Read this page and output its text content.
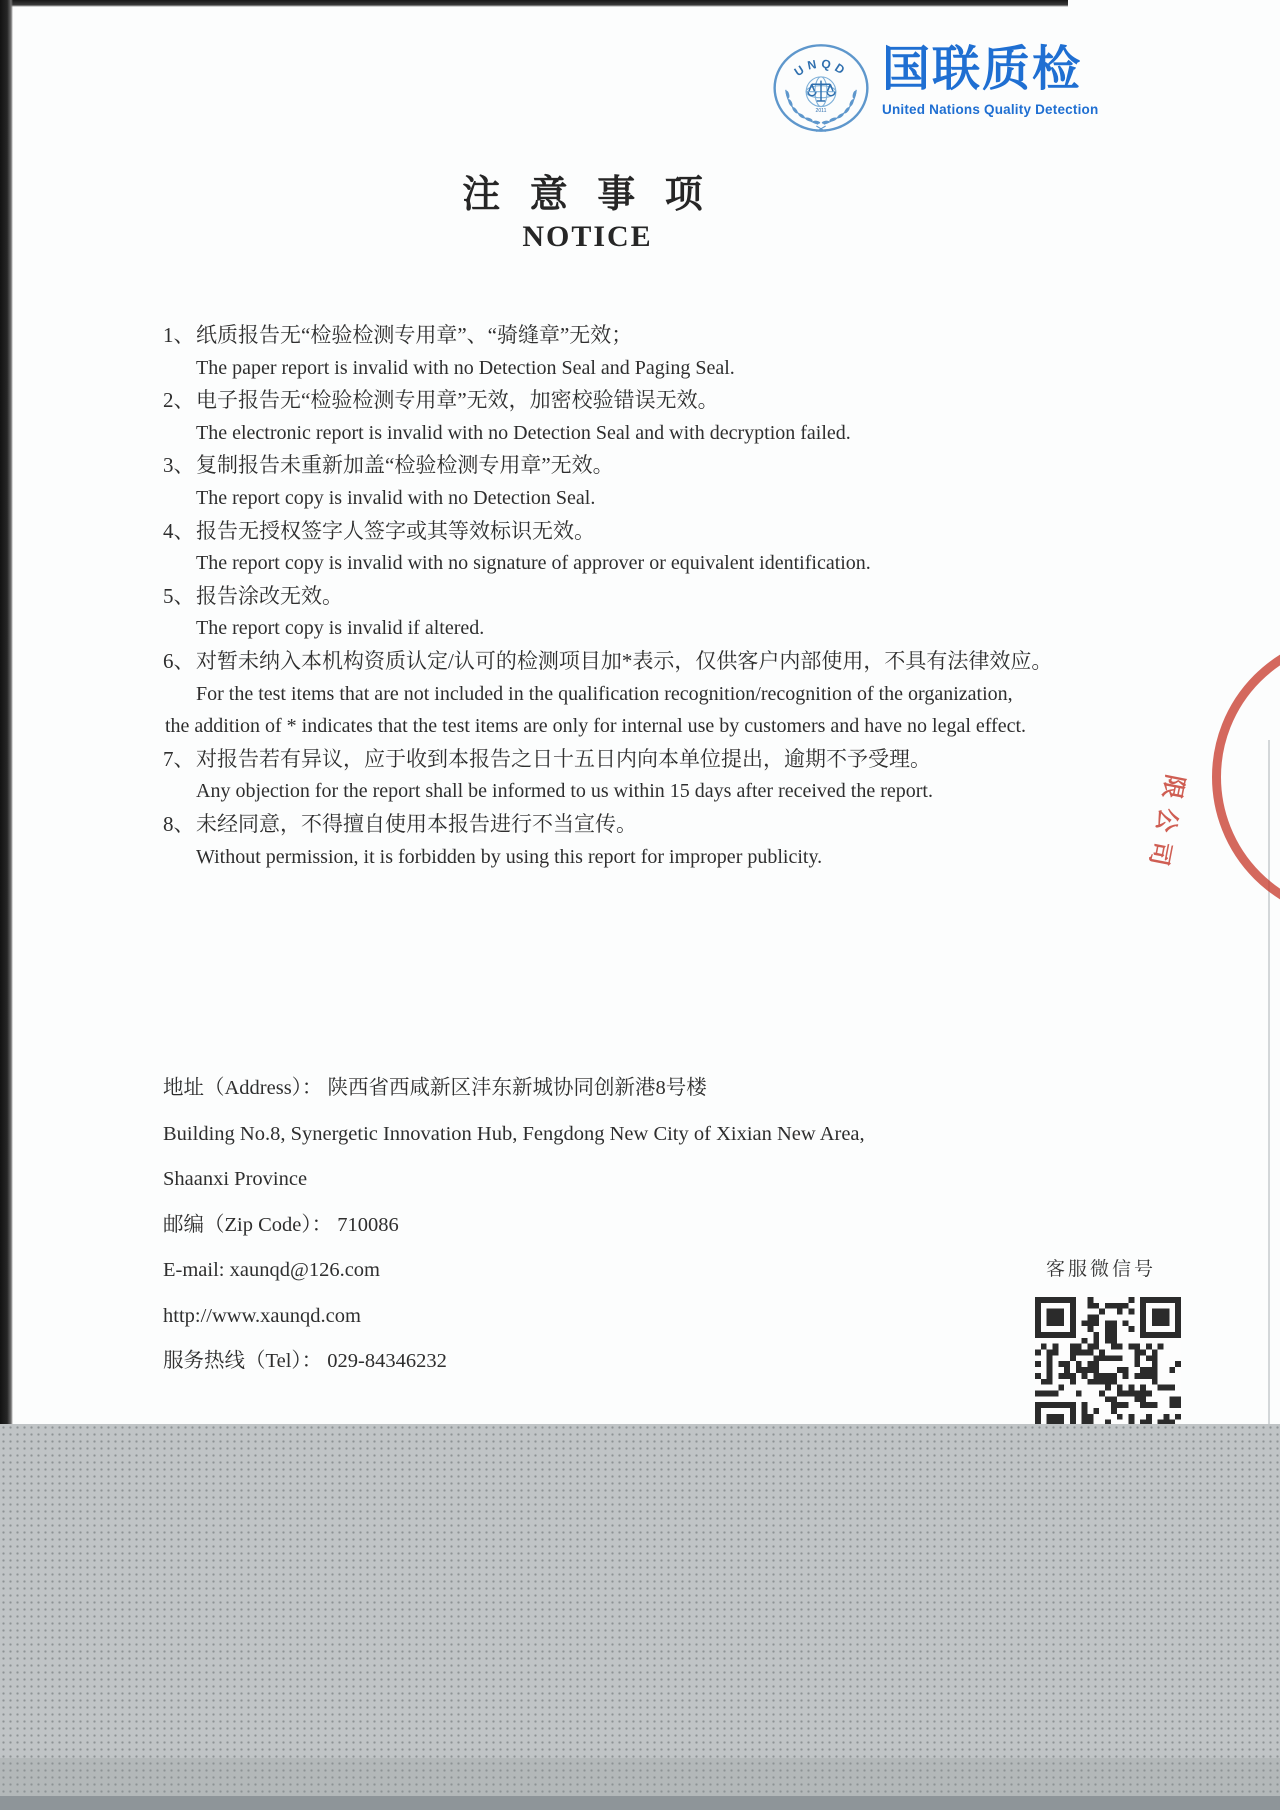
UNQD
2011
国联质检
United Nations Quality Detection
注 意 事 项
NOTICE
1、 纸质报告无“检验检测专用章”、“骑缝章”无效；
The paper report is invalid with no Detection Seal and Paging Seal.
2、 电子报告无“检验检测专用章”无效，加密校验错误无效。
The electronic report is invalid with no Detection Seal and with decryption failed.
3、 复制报告未重新加盖“检验检测专用章”无效。
The report copy is invalid with no Detection Seal.
4、 报告无授权签字人签字或其等效标识无效。
The report copy is invalid with no signature of approver or equivalent identification.
5、 报告涂改无效。
The report copy is invalid if altered.
6、 对暂未纳入本机构资质认定/认可的检测项目加*表示，仅供客户内部使用，不具有法律效应。
For the test items that are not included in the qualification recognition/recognition of the organization,
the addition of * indicates that the test items are only for internal use by customers and have no legal effect.
7、 对报告若有异议，应于收到本报告之日十五日内向本单位提出，逾期不予受理。
Any objection for the report shall be informed to us within 15 days after received the report.
8、 未经同意，不得擅自使用本报告进行不当宣传。
Without permission, it is forbidden by using this report for improper publicity.	限公司
地址（Address）： 陕西省西咸新区沣东新城协同创新港8号楼
Building No.8, Synergetic Innovation Hub, Fengdong New City of Xixian New Area,
Shaanxi Province
邮编（Zip Code）： 710086
E-mail: xaunqd@126.com
http://www.xaunqd.com
服务热线（Tel）： 029-84346232
客服微信号
